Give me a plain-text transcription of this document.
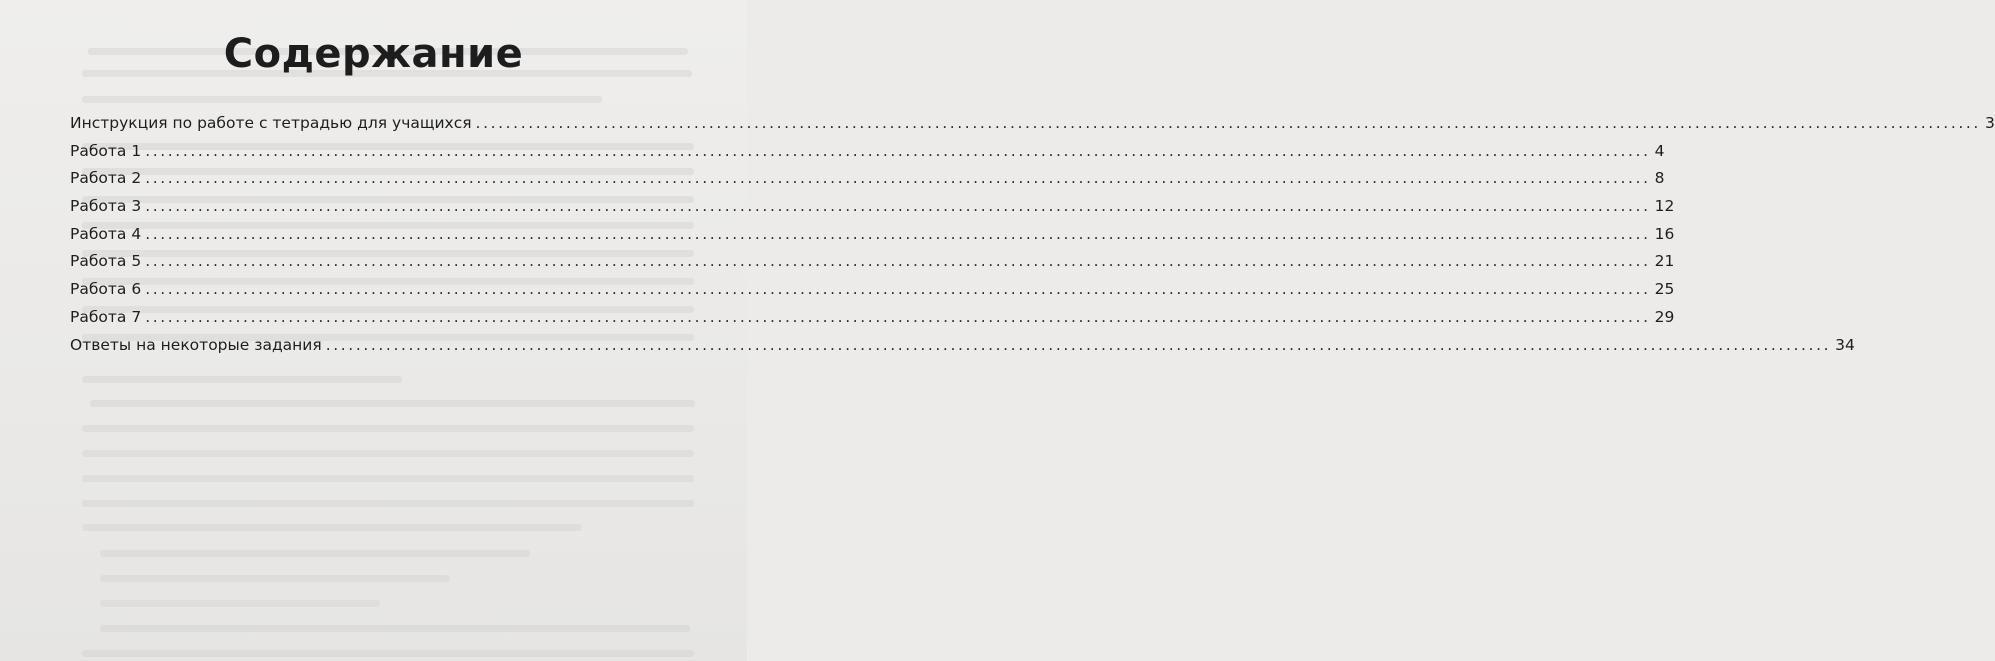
Содержание
Инструкция по работе с тетрадью для учащихся ........................................................................................................................................................................................................ 3
Работа 1 ........................................................................................................................................................................................................ 4
Работа 2 ........................................................................................................................................................................................................ 8
Работа 3 ........................................................................................................................................................................................................ 12
Работа 4 ........................................................................................................................................................................................................ 16
Работа 5 ........................................................................................................................................................................................................ 21
Работа 6 ........................................................................................................................................................................................................ 25
Работа 7 ........................................................................................................................................................................................................ 29
Ответы на некоторые задания ........................................................................................................................................................................................................ 34
